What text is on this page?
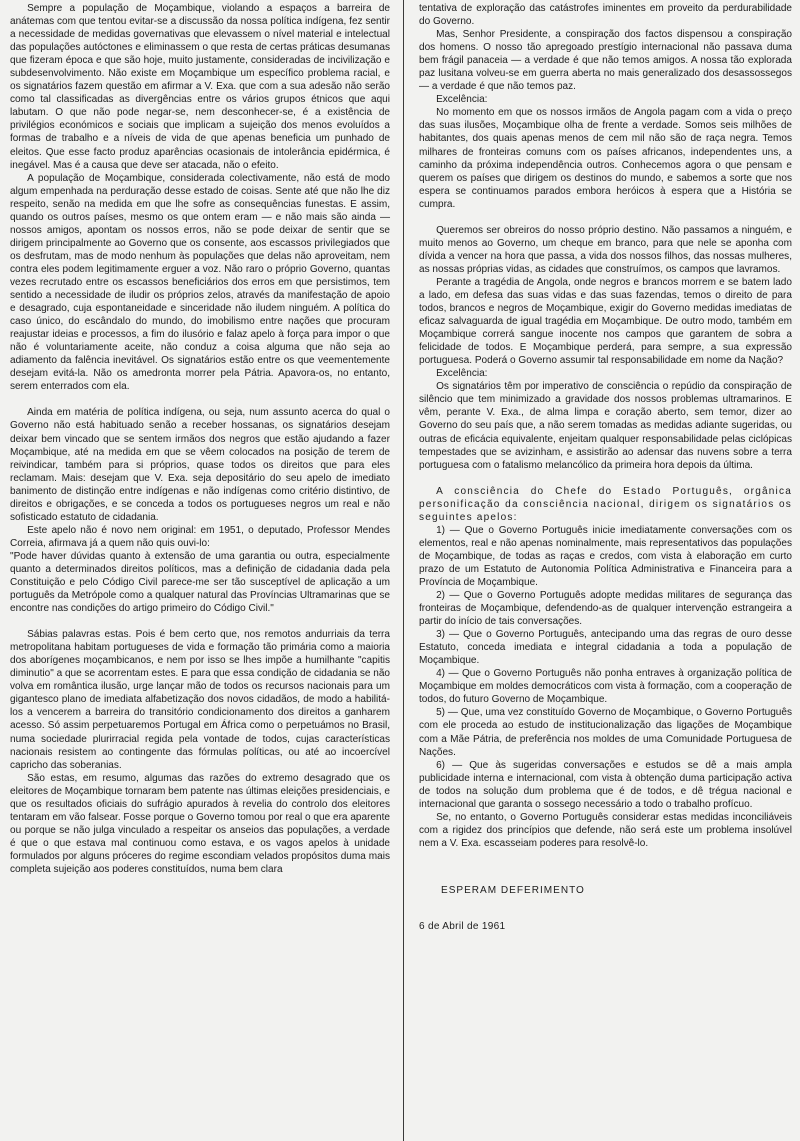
Sempre a população de Moçambique, violando a espaços a barreira de anátemas com que tentou evitar-se a discussão da nossa política indígena, fez sentir a necessidade de medidas governativas que elevassem o nível material e intelectual das populações autóctones e eliminassem o que resta de certas práticas desumanas que fizeram época e que são hoje, muito justamente, consideradas de incivilização e subdesenvolvimento. Não existe em Moçambique um específico problema racial, e os signatários fazem questão em afirmar a V. Exa. que com a sua adesão não serão como tal classificadas as divergências entre os vários grupos étnicos que aqui labutam. O que não pode negar-se, nem desconhecer-se, é a existência de privilégios económicos e sociais que implicam a sujeição dos menos evoluídos a formas de trabalho e a níveis de vida de que apenas beneficia um punhado de eleitos. Que esse facto produz aparências ocasionais de intolerância epidérmica, é inegável. Mas é a causa que deve ser atacada, não o efeito.

A população de Moçambique, considerada colectivamente, não está de modo algum empenhada na perduração desse estado de coisas. Sente até que não lhe diz respeito, senão na medida em que lhe sofre as consequências funestas. E assim, quando os outros países, mesmo os que ontem eram — e não mais são ainda — nossos amigos, apontam os nossos erros, não se pode deixar de sentir que se dirigem principalmente ao Governo que os consente, aos escassos privilegiados que os desfrutam, mas de modo nenhum às populações que delas não aproveitam, nem contra eles podem legitimamente erguer a voz. Não raro o próprio Governo, quantas vezes recrutado entre os escassos beneficiários dos erros em que persistimos, tem sentido a necessidade de iludir os próprios zelos, através da manifestação de apoio e desagrado, cuja espontaneidade e sinceridade não iludem ninguém. A política do caso único, do escândalo do mundo, do imobilismo entre nações que procuram reajustar ideias e processos, a fim do ilusório e falaz apelo à força para impor o que não é voluntariamente aceite, não conduz a coisa alguma que não seja ao adiamento da falência inevitável. Os signatários estão entre os que veementemente desejam evitá-la. Não os amedronta morrer pela Pátria. Apavora-os, no entanto, serem enterrados com ela.

Ainda em matéria de política indígena, ou seja, num assunto acerca do qual o Governo não está habituado senão a receber hossanas, os signatários desejam deixar bem vincado que se sentem irmãos dos negros que estão ajudando a fazer Moçambique, até na medida em que se vêem colocados na posição de terem de reivindicar, também para si próprios, quase todos os direitos que para eles reclamam. Mais: desejam que V. Exa. seja depositário do seu apelo de imediato banimento de distinção entre indígenas e não indígenas como critério distintivo, de direitos e obrigações, e se conceda a todos os portugueses negros um real e não sofisticado estatuto de cidadania.

Este apelo não é novo nem original: em 1951, o deputado, Professor Mendes Correia, afirmava já a quem não quis ouvi-lo:

"Pode haver dúvidas quanto à extensão de uma garantia ou outra, especialmente quanto a determinados direitos políticos, mas a definição de cidadania dada pela Constituição e pelo Código Civil parece-me ser tão susceptível de aplicação a um português da Metrópole como a qualquer natural das Províncias Ultramarinas que se encontre nas condições do artigo primeiro do Código Civil."

Sábias palavras estas. Pois é bem certo que, nos remotos andurriais da terra metropolitana habitam portugueses de vida e formação tão primária como a maioria dos aborígenes moçambicanos, e nem por isso se lhes impõe a humilhante "capitis diminutio" a que se acorrentam estes. E para que essa condição de cidadania se não volva em romântica ilusão, urge lançar mão de todos os recursos nacionais para um gigantesco plano de imediata alfabetização dos novos cidadãos, de modo a habilitá-los a vencerem a barreira do transitório condicionamento dos direitos a ganharem acesso. Só assim perpetuaremos Portugal em África como o perpetuámos no Brasil, numa sociedade plurirracial regida pela vontade de todos, cujas características nacionais resistem ao contingente das fórmulas políticas, ou até ao incoercível capricho das soberanias.

São estas, em resumo, algumas das razões do extremo desagrado que os eleitores de Moçambique tornaram bem patente nas últimas eleições presidenciais, e que os resultados oficiais do sufrágio apurados à revelia do controlo dos eleitores tentaram em vão falsear. Fosse porque o Governo tomou por real o que era aparente ou porque se não julga vinculado a respeitar os anseios das populações, a verdade é que o que estava mal continuou como estava, e os vagos apelos à unidade formulados por alguns próceres do regime escondiam velados propósitos duma mais completa sujeição aos poderes constituídos, numa bem clara

tentativa de exploração das catástrofes iminentes em proveito da perdurabilidade do Governo.

Mas, Senhor Presidente, a conspiração dos factos dispensou a conspiração dos homens. O nosso tão apregoado prestígio internacional não passava duma bem frágil panaceia — a verdade é que não temos amigos. A nossa tão explorada paz lusitana volveu-se em guerra aberta no mais generalizado dos desassossegos — a verdade é que não temos paz.

Excelência:

No momento em que os nossos irmãos de Angola pagam com a vida o preço das suas ilusões, Moçambique olha de frente a verdade. Somos seis milhões de habitantes, dos quais apenas menos de cem mil não são de raça negra. Temos milhares de fronteiras comuns com os países africanos, independentes uns, a caminho da próxima independência outros. Conhecemos agora o que pensam e querem os países que dirigem os destinos do mundo, e sabemos a sorte que nos espera se continuamos parados embora heróicos à espera que a História se cumpra.

Queremos ser obreiros do nosso próprio destino. Não passamos a ninguém, e muito menos ao Governo, um cheque em branco, para que nele se aponha com dívida a vencer na hora que passa, a vida dos nossos filhos, das nossas mulheres, as nossas próprias vidas, as cidades que construímos, os campos que lavramos.

Perante a tragédia de Angola, onde negros e brancos morrem e se batem lado a lado, em defesa das suas vidas e das suas fazendas, temos o direito de para todos, brancos e negros de Moçambique, exigir do Governo medidas imediatas de eficaz salvaguarda de igual tragédia em Moçambique. De outro modo, também em Moçambique correrá sangue inocente nos campos que garantem de sobra a felicidade de todos. E Moçambique perderá, para sempre, a sua expressão portuguesa. Poderá o Governo assumir tal responsabilidade em nome da Nação?

Excelência:

Os signatários têm por imperativo de consciência o repúdio da conspiração de silêncio que tem minimizado a gravidade dos nossos problemas ultramarinos. E vêm, perante V. Exa., de alma limpa e coração aberto, sem temor, dizer ao Governo do seu país que, a não serem tomadas as medidas adiante sugeridas, ou outras de eficácia equivalente, enjeitam qualquer responsabilidade pelas ciclópicas tempestades que se avizinham, e assistirão ao adensar das nuvens sobre a terra portuguesa com o fatalismo melancólico da primeira hora depois da última.

A consciência do Chefe do Estado Português, orgânica personificação da consciência nacional, dirigem os signatários os seguintes apelos:

1) — Que o Governo Português inicie imediatamente conversações com os elementos, real e não apenas nominalmente, mais representativos das populações de Moçambique, de todas as raças e credos, com vista à elaboração em curto prazo de um Estatuto de Autonomia Política Administrativa e Financeira para a Província de Moçambique.

2) — Que o Governo Português adopte medidas militares de segurança das fronteiras de Moçambique, defendendo-as de qualquer intervenção estrangeira a partir do início de tais conversações.

3) — Que o Governo Português, antecipando uma das regras de ouro desse Estatuto, conceda imediata e integral cidadania a toda a população de Moçambique.

4) — Que o Governo Português não ponha entraves à organização política de Moçambique em moldes democráticos com vista à formação, com a cooperação de todos, do futuro Governo de Moçambique.

5) — Que, uma vez constituído Governo de Moçambique, o Governo Português com ele proceda ao estudo de institucionalização das ligações de Moçambique com a Mãe Pátria, de preferência nos moldes de uma Comunidade Portuguesa de Nações.

6) — Que às sugeridas conversações e estudos se dê a mais ampla publicidade interna e internacional, com vista à obtenção duma participação activa de todos na solução dum problema que é de todos, e dê trégua nacional e internacional que garanta o sossego necessário a todo o trabalho profícuo.

Se, no entanto, o Governo Português considerar estas medidas inconciliáveis com a rigidez dos princípios que defende, não será este um problema insolúvel nem a V. Exa. escasseiam poderes para resolvê-lo.

ESPERAM DEFERIMENTO

6 de Abril de 1961
